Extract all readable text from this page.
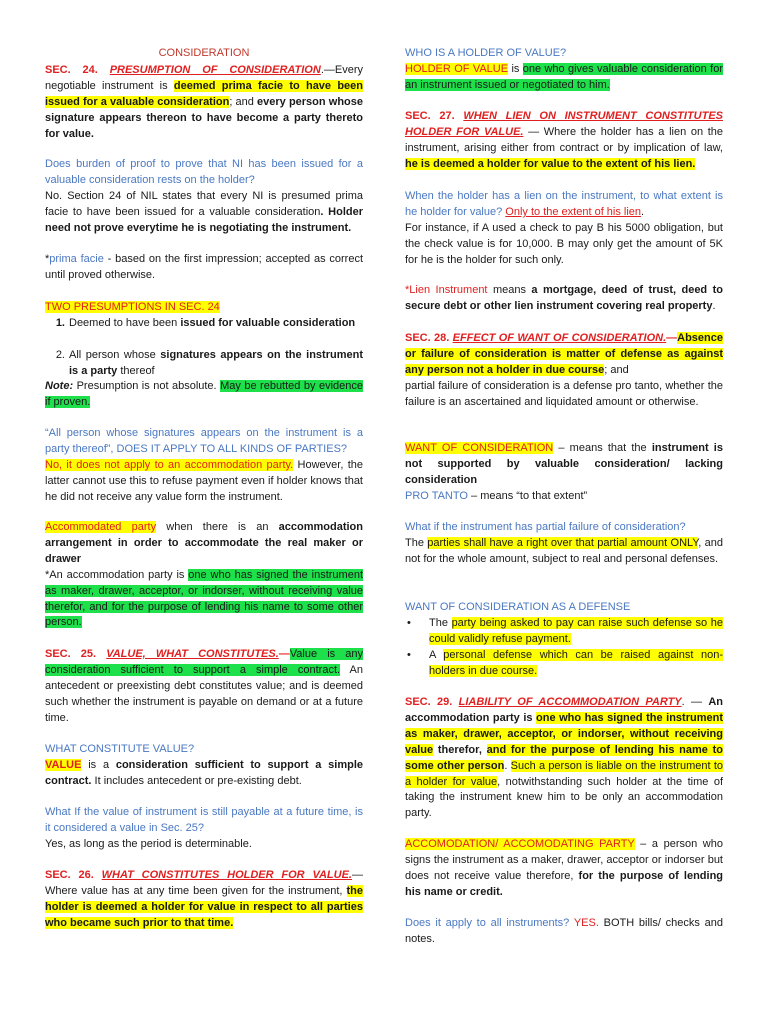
CONSIDERATION

SEC. 24. PRESUMPTION OF CONSIDERATION.—Every negotiable instrument is deemed prima facie to have been issued for a valuable consideration; and every person whose signature appears thereon to have become a party thereto for value.

Does burden of proof to prove that NI has been issued for a valuable consideration rests on the holder?
No. Section 24 of NIL states that every NI is presumed prima facie to have been issued for a valuable consideration. Holder need not prove everytime he is negotiating the instrument.

*prima facie - based on the first impression; accepted as correct until proved otherwise.

TWO PRESUMPTIONS IN SEC. 24

1. Deemed to have been issued for valuable consideration
2. All person whose signatures appears on the instrument is a party thereof

Note: Presumption is not absolute. May be rebutted by evidence if proven.

“All person whose signatures appears on the instrument is a party thereof”, DOES IT APPLY TO ALL KINDS OF PARTIES?
No, it does not apply to an accommodation party. However, the latter cannot use this to refuse payment even if holder knows that he did not receive any value form the instrument.

Accommodated party when there is an accommodation arrangement in order to accommodate the real maker or drawer
*An accommodation party is one who has signed the instrument as maker, drawer, acceptor, or indorser, without receiving value therefor, and for the purpose of lending his name to some other person.

SEC. 25. VALUE, WHAT CONSTITUTES.—Value is any consideration sufficient to support a simple contract. An antecedent or preexisting debt constitutes value; and is deemed such whether the instrument is payable on demand or at a future time.

WHAT CONSTITUTE VALUE?
VALUE is a consideration sufficient to support a simple contract. It includes antecedent or pre-existing debt.

What If the value of instrument is still payable at a future time, is it considered a value in Sec. 25?
Yes, as long as the period is determinable.

SEC. 26. WHAT CONSTITUTES HOLDER FOR VALUE.—Where value has at any time been given for the instrument, the holder is deemed a holder for value in respect to all parties who became such prior to that time.

WHO IS A HOLDER OF VALUE?
HOLDER OF VALUE is one who gives valuable consideration for an instrument issued or negotiated to him.

SEC. 27. WHEN LIEN ON INSTRUMENT CONSTITUTES HOLDER FOR VALUE. — Where the holder has a lien on the instrument, arising either from contract or by implication of law, he is deemed a holder for value to the extent of his lien.

When the holder has a lien on the instrument, to what extent is he holder for value? Only to the extent of his lien.
For instance, if A used a check to pay B his 5000 obligation, but the check value is for 10,000. B may only get the amount of 5K for he is the holder for such only.

*Lien Instrument means a mortgage, deed of trust, deed to secure debt or other lien instrument covering real property.

SEC. 28. EFFECT OF WANT OF CONSIDERATION.—Absence or failure of consideration is matter of defense as against any person not a holder in due course; and
partial failure of consideration is a defense pro tanto, whether the failure is an ascertained and liquidated amount or otherwise.

WANT OF CONSIDERATION – means that the instrument is not supported by valuable consideration/ lacking consideration

PRO TANTO – means “to that extent”

What if the instrument has partial failure of consideration?
The parties shall have a right over that partial amount ONLY, and not for the whole amount, subject to real and personal defenses.

WANT OF CONSIDERATION AS A DEFENSE

• The party being asked to pay can raise such defense so he could validly refuse payment.
• A personal defense which can be raised against non-holders in due course.

SEC. 29. LIABILITY OF ACCOMMODATION PARTY. — An accommodation party is one who has signed the instrument as maker, drawer, acceptor, or indorser, without receiving value therefor, and for the purpose of lending his name to some other person. Such a person is liable on the instrument to a holder for value, notwithstanding such holder at the time of taking the instrument knew him to be only an accommodation party.

ACCOMODATION/ ACCOMODATING PARTY – a person who signs the instrument as a maker, drawer, acceptor or indorser but does not receive value therefore, for the purpose of lending his name or credit.

Does it apply to all instruments? YES. BOTH bills/ checks and notes.
